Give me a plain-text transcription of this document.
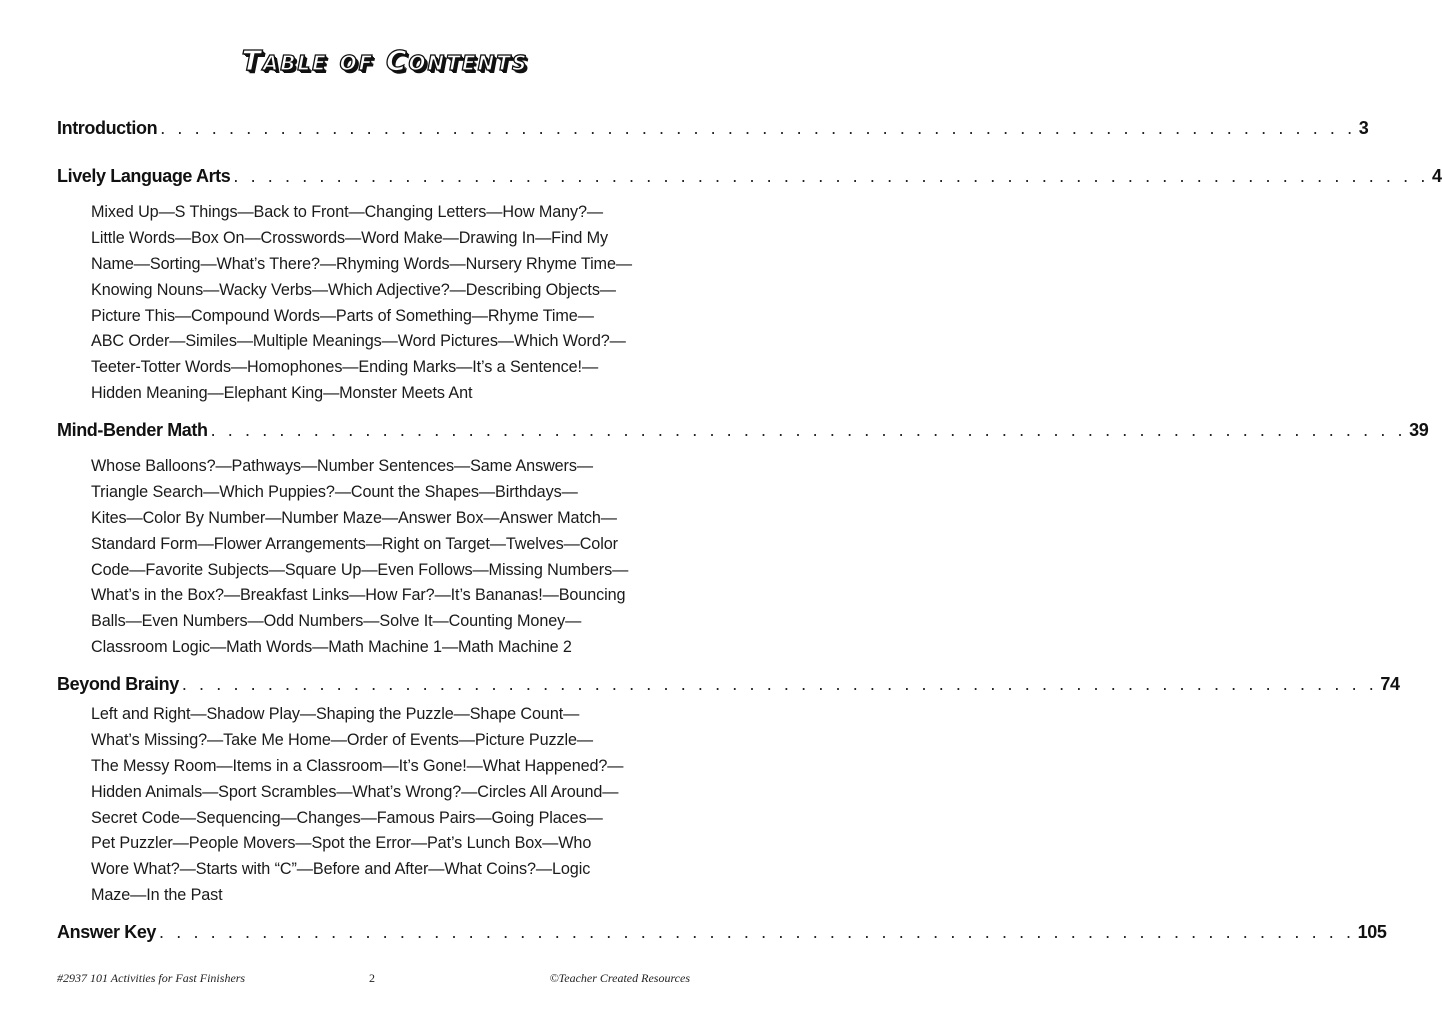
Table of Contents
Introduction . . . . . . . . . . . . . . . . . . . . . . . . . . . . . . . . . . . . . . . . . . . . . . . . . . . . . . . . . . . . . . . . . . . . . . 3
Lively Language Arts . . . . . . . . . . . . . . . . . . . . . . . . . . . . . . . . . . . . . . . . . . . . . . . . . . . . . . . . . . . . . . . . . . . . . . 4
Mixed Up—S Things—Back to Front—Changing Letters—How Many?—
Little Words—Box On—Crosswords—Word Make—Drawing In—Find My
Name—Sorting—What’s There?—Rhyming Words—Nursery Rhyme Time—
Knowing Nouns—Wacky Verbs—Which Adjective?—Describing Objects—
Picture This—Compound Words—Parts of Something—Rhyme Time—
ABC Order—Similes—Multiple Meanings—Word Pictures—Which Word?—
Teeter-Totter Words—Homophones—Ending Marks—It’s a Sentence!—
Hidden Meaning—Elephant King—Monster Meets Ant
Mind-Bender Math . . . . . . . . . . . . . . . . . . . . . . . . . . . . . . . . . . . . . . . . . . . . . . . . . . . . . . . . . . . . . . . . . . . . . . 39
Whose Balloons?—Pathways—Number Sentences—Same Answers—
Triangle Search—Which Puppies?—Count the Shapes—Birthdays—
Kites—Color By Number—Number Maze—Answer Box—Answer Match—
Standard Form—Flower Arrangements—Right on Target—Twelves—Color
Code—Favorite Subjects—Square Up—Even Follows—Missing Numbers—
What’s in the Box?—Breakfast Links—How Far?—It’s Bananas!—Bouncing
Balls—Even Numbers—Odd Numbers—Solve It—Counting Money—
Classroom Logic—Math Words—Math Machine 1—Math Machine 2
Beyond Brainy . . . . . . . . . . . . . . . . . . . . . . . . . . . . . . . . . . . . . . . . . . . . . . . . . . . . . . . . . . . . . . . . . . . . . . 74
Left and Right—Shadow Play—Shaping the Puzzle—Shape Count—
What’s Missing?—Take Me Home—Order of Events—Picture Puzzle—
The Messy Room—Items in a Classroom—It’s Gone!—What Happened?—
Hidden Animals—Sport Scrambles—What’s Wrong?—Circles All Around—
Secret Code—Sequencing—Changes—Famous Pairs—Going Places—
Pet Puzzler—People Movers—Spot the Error—Pat’s Lunch Box—Who
Wore What?—Starts with “C”—Before and After—What Coins?—Logic
Maze—In the Past
Answer Key . . . . . . . . . . . . . . . . . . . . . . . . . . . . . . . . . . . . . . . . . . . . . . . . . . . . . . . . . . . . . . . . . . . . . . 105
#2937 101 Activities for Fast Finishers	2	©Teacher Created Resources
